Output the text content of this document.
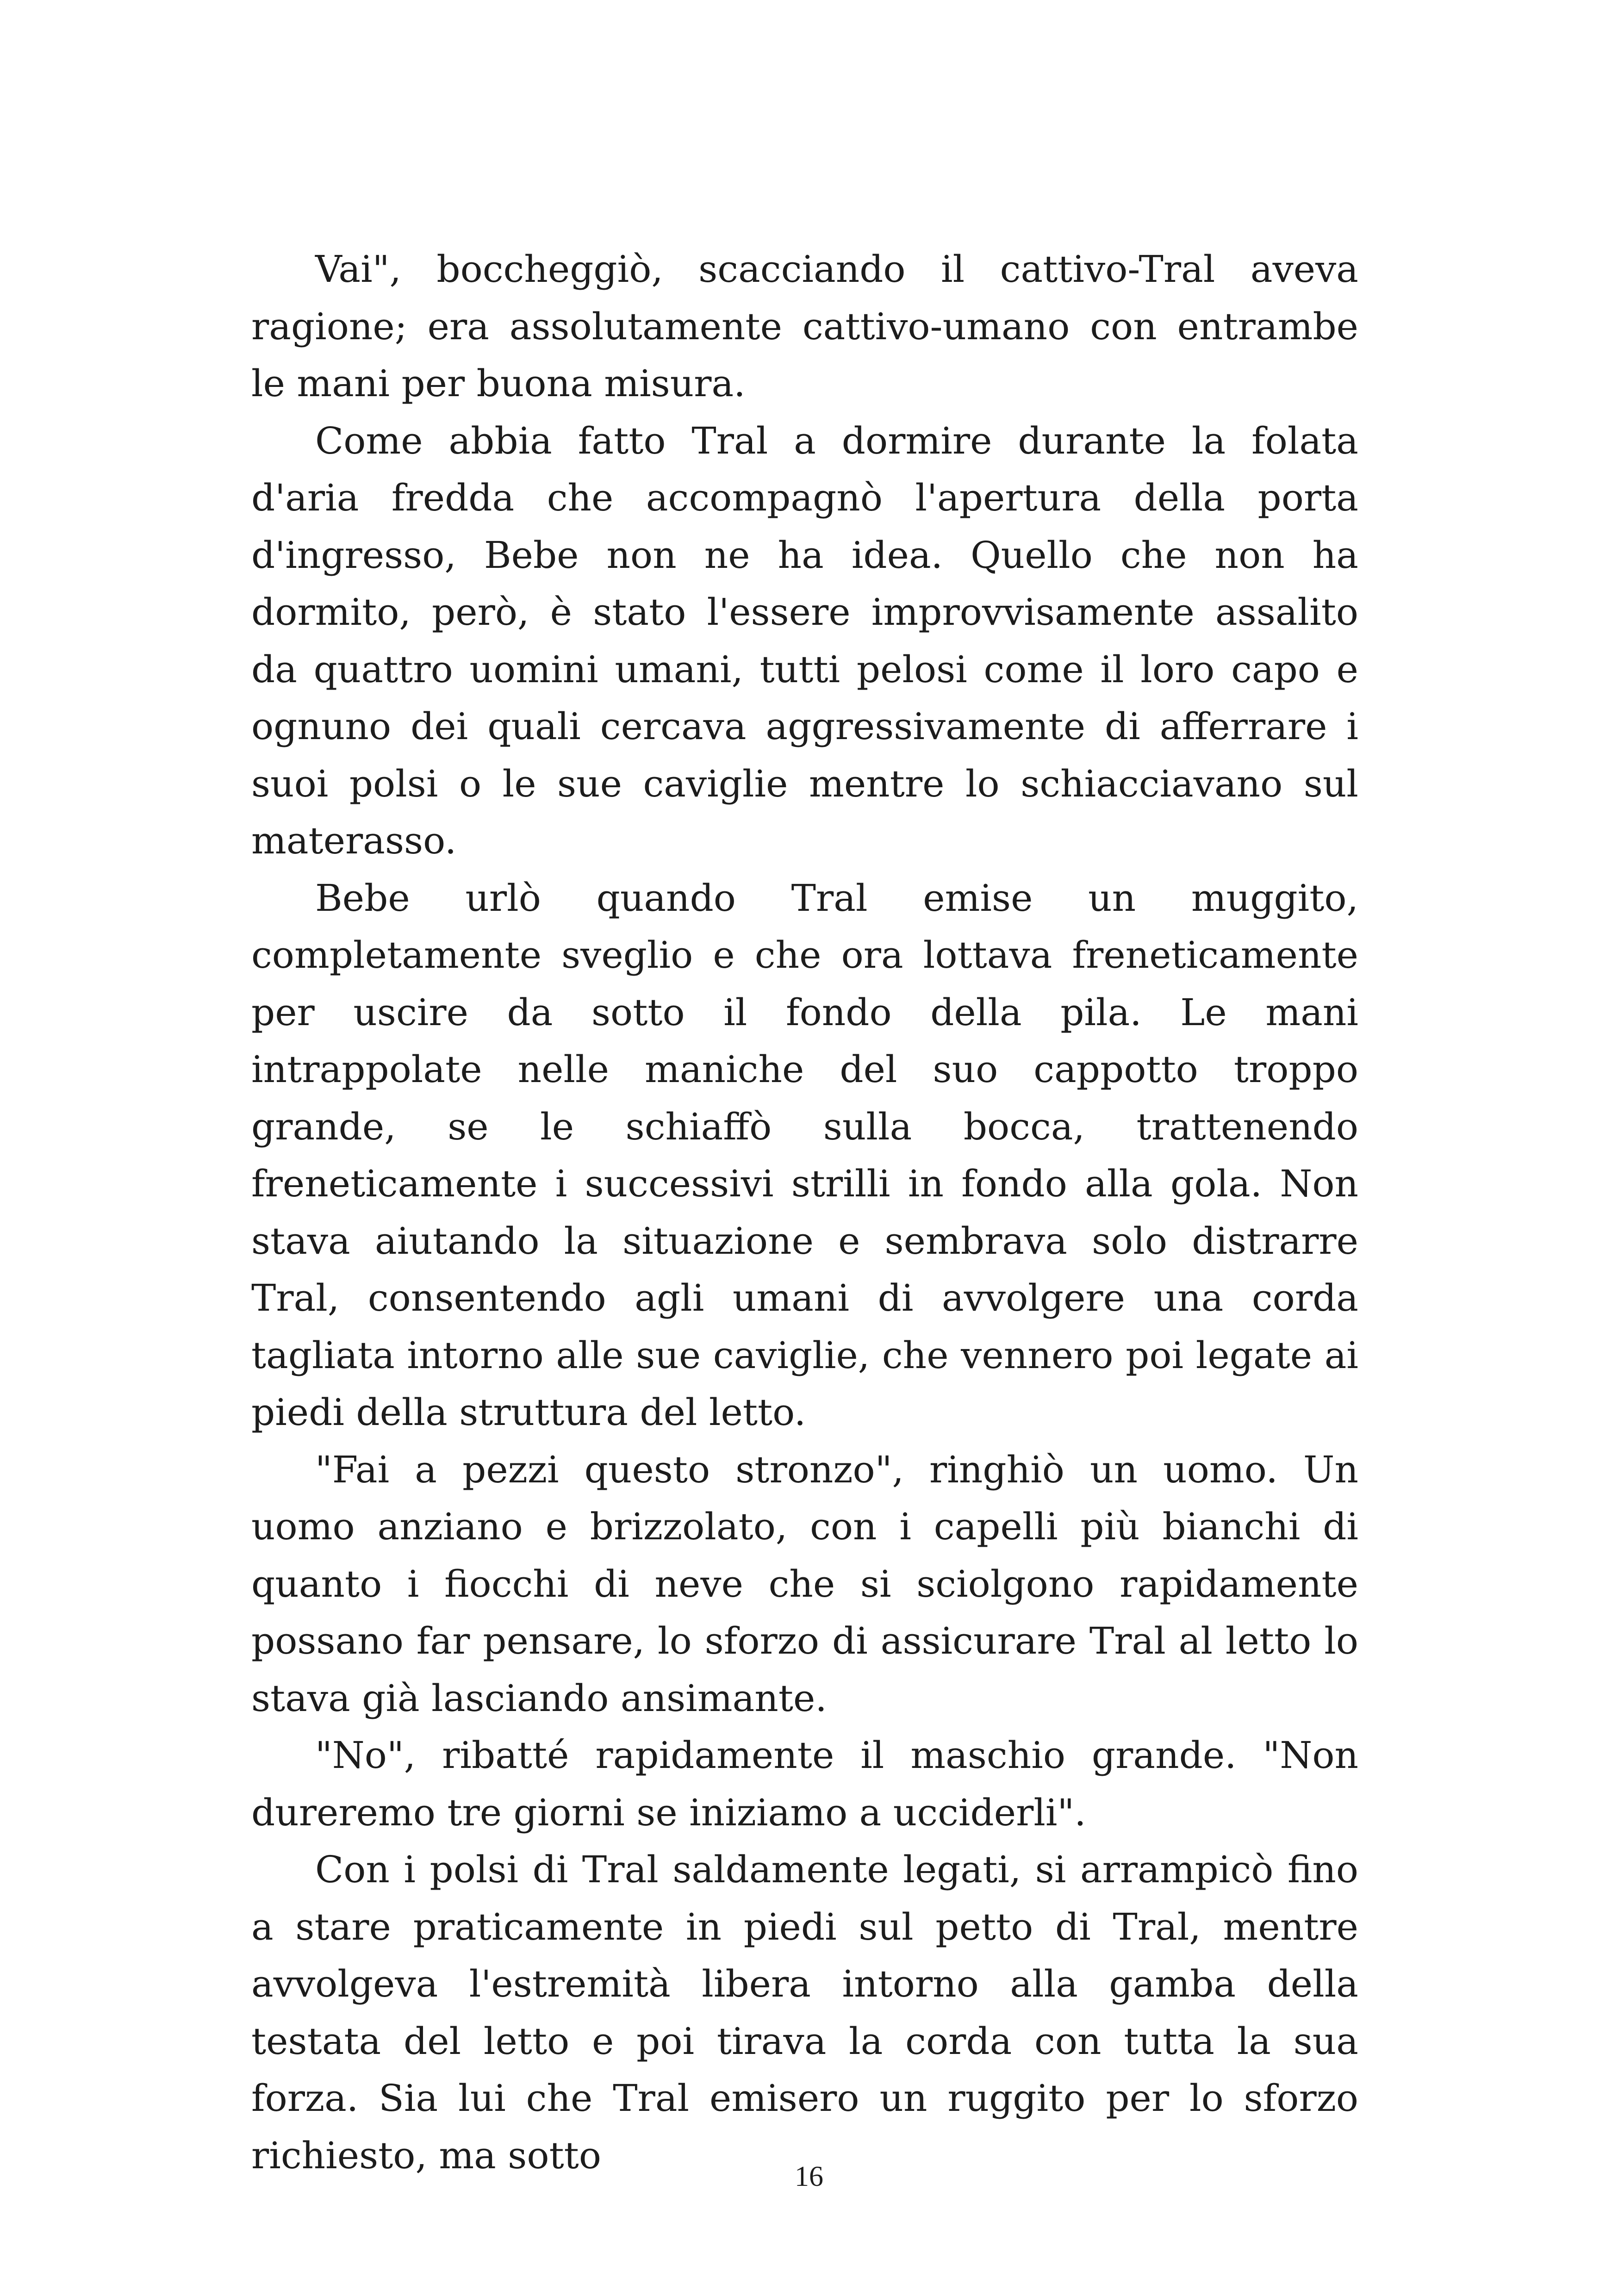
Vai", boccheggiò, scacciando il cattivo-Tral aveva ragione; era assolutamente cattivo-umano con entrambe le mani per buona misura.

Come abbia fatto Tral a dormire durante la folata d'aria fredda che accompagnò l'apertura della porta d'ingresso, Bebe non ne ha idea. Quello che non ha dormito, però, è stato l'essere improvvisamente assalito da quattro uomini umani, tutti pelosi come il loro capo e ognuno dei quali cercava aggressivamente di afferrare i suoi polsi o le sue caviglie mentre lo schiacciavano sul materasso.

Bebe urlò quando Tral emise un muggito, completamente sveglio e che ora lottava freneticamente per uscire da sotto il fondo della pila. Le mani intrappolate nelle maniche del suo cappotto troppo grande, se le schiaffò sulla bocca, trattenendo freneticamente i successivi strilli in fondo alla gola. Non stava aiutando la situazione e sembrava solo distrarre Tral, consentendo agli umani di avvolgere una corda tagliata intorno alle sue caviglie, che vennero poi legate ai piedi della struttura del letto.

"Fai a pezzi questo stronzo", ringhiò un uomo. Un uomo anziano e brizzolato, con i capelli più bianchi di quanto i fiocchi di neve che si sciolgono rapidamente possano far pensare, lo sforzo di assicurare Tral al letto lo stava già lasciando ansimante.

"No", ribatté rapidamente il maschio grande. "Non dureremo tre giorni se iniziamo a ucciderli".

Con i polsi di Tral saldamente legati, si arrampicò fino a stare praticamente in piedi sul petto di Tral, mentre avvolgeva l'estremità libera intorno alla gamba della testata del letto e poi tirava la corda con tutta la sua forza. Sia lui che Tral emisero un ruggito per lo sforzo richiesto, ma sotto	16
